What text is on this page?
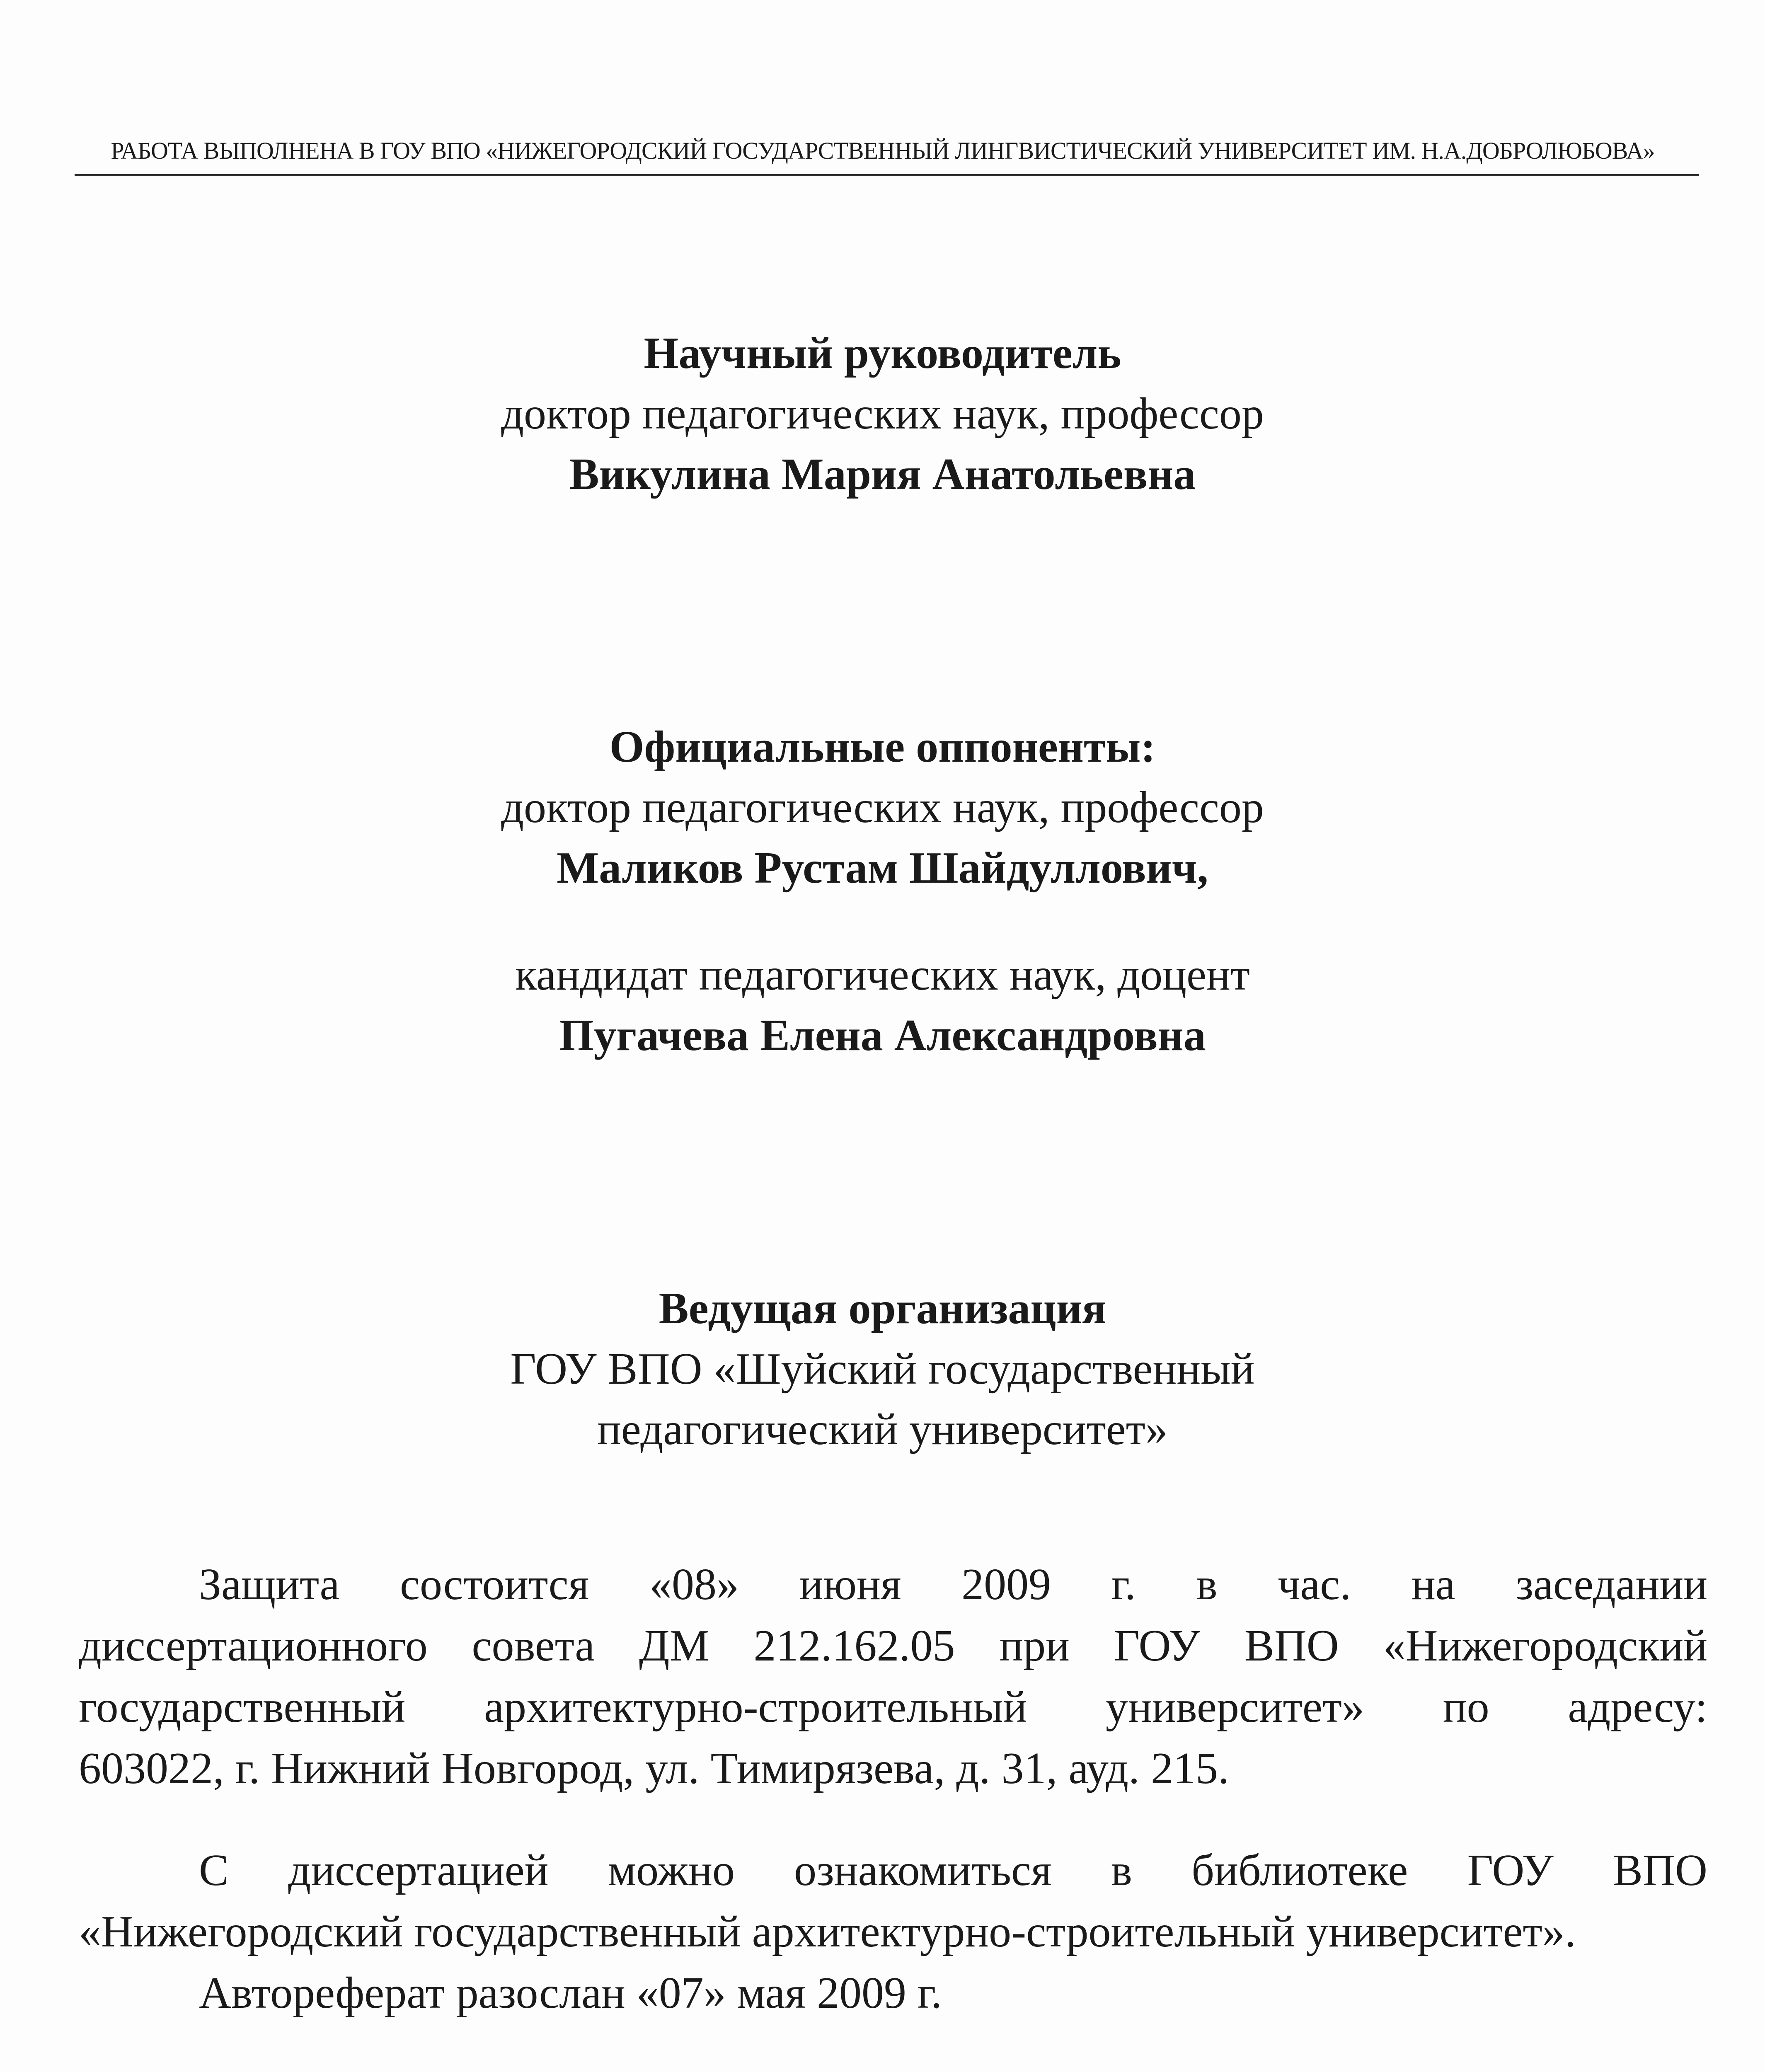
РАБОТА ВЫПОЛНЕНА В ГОУ ВПО «НИЖЕГОРОДСКИЙ ГОСУДАРСТВЕННЫЙ ЛИНГВИСТИЧЕСКИЙ УНИВЕРСИТЕТ ИМ. Н.А.ДОБРОЛЮБОВА»
Научный руководитель
доктор педагогических наук, профессор
Викулина Мария Анатольевна
Официальные оппоненты:
доктор педагогических наук, профессор
Маликов Рустам Шайдуллович,
кандидат педагогических наук, доцент
Пугачева Елена Александровна
Ведущая организация
ГОУ ВПО «Шуйский государственный
педагогический университет»
Защита состоится «08» июня 2009 г. в час. на заседании
диссертационного совета ДМ 212.162.05 при ГОУ ВПО «Нижегородский
государственный архитектурно-строительный университет» по адресу:
603022, г. Нижний Новгород, ул. Тимирязева, д. 31, ауд. 215.
С диссертацией можно ознакомиться в библиотеке ГОУ ВПО
«Нижегородский государственный архитектурно-строительный университет».
Автореферат разослан «07» мая 2009 г.
